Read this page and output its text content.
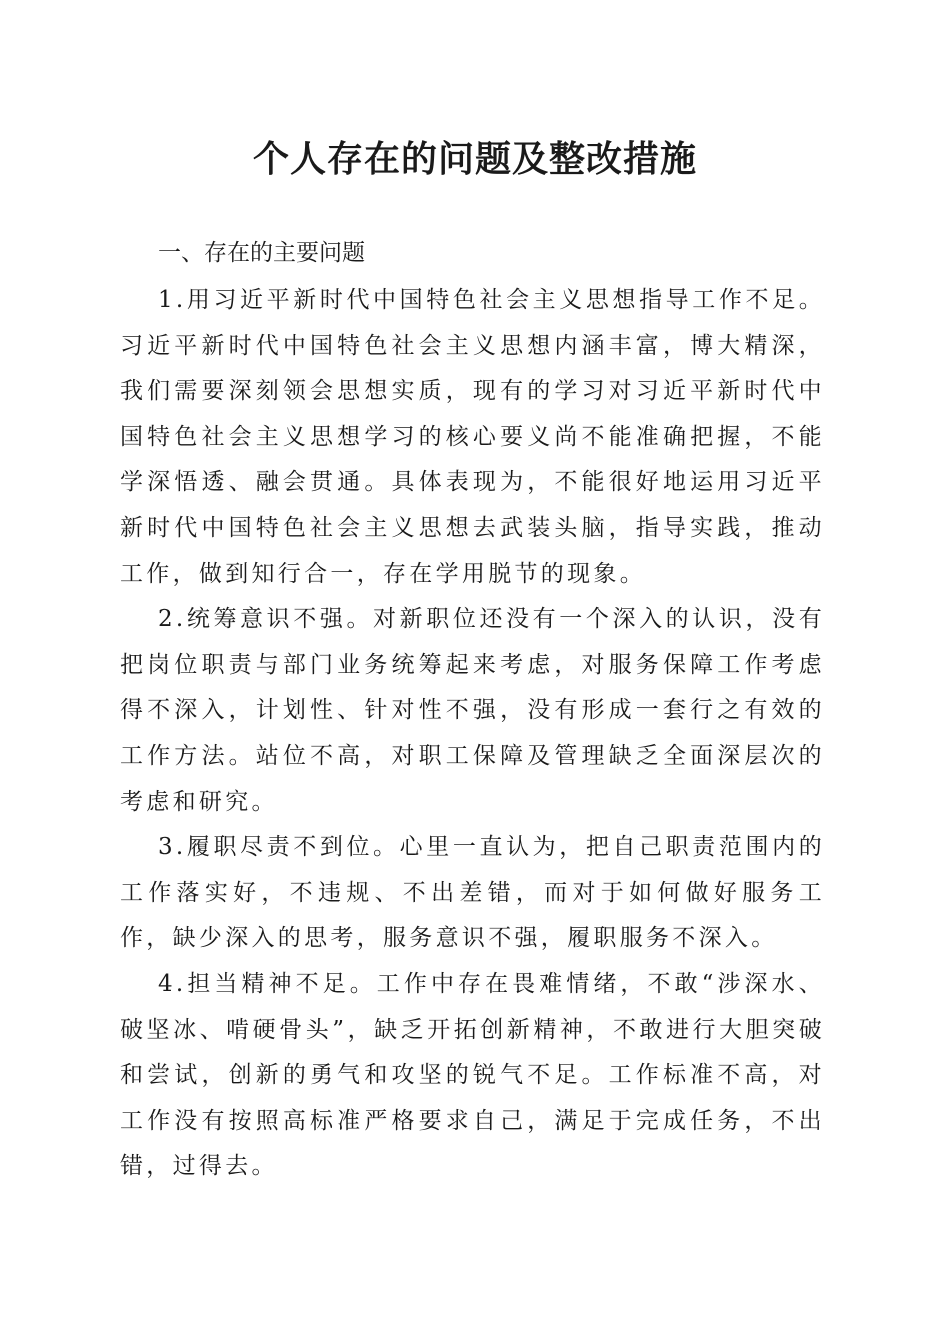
个人存在的问题及整改措施
一、存在的主要问题

1.用习近平新时代中国特色社会主义思想指导工作不足。习近平新时代中国特色社会主义思想内涵丰富，博大精深，我们需要深刻领会思想实质，现有的学习对习近平新时代中国特色社会主义思想学习的核心要义尚不能准确把握，不能学深悟透、融会贯通。具体表现为，不能很好地运用习近平新时代中国特色社会主义思想去武装头脑，指导实践，推动工作，做到知行合一，存在学用脱节的现象。

2.统筹意识不强。对新职位还没有一个深入的认识，没有把岗位职责与部门业务统筹起来考虑，对服务保障工作考虑得不深入，计划性、针对性不强，没有形成一套行之有效的工作方法。站位不高，对职工保障及管理缺乏全面深层次的考虑和研究。

3.履职尽责不到位。心里一直认为，把自己职责范围内的工作落实好，不违规、不出差错，而对于如何做好服务工作，缺少深入的思考，服务意识不强，履职服务不深入。

4.担当精神不足。工作中存在畏难情绪，不敢“涉深水、破坚冰、啃硬骨头”，缺乏开拓创新精神，不敢进行大胆突破和尝试，创新的勇气和攻坚的锐气不足。工作标准不高，对工作没有按照高标准严格要求自己，满足于完成任务，不出错，过得去。
